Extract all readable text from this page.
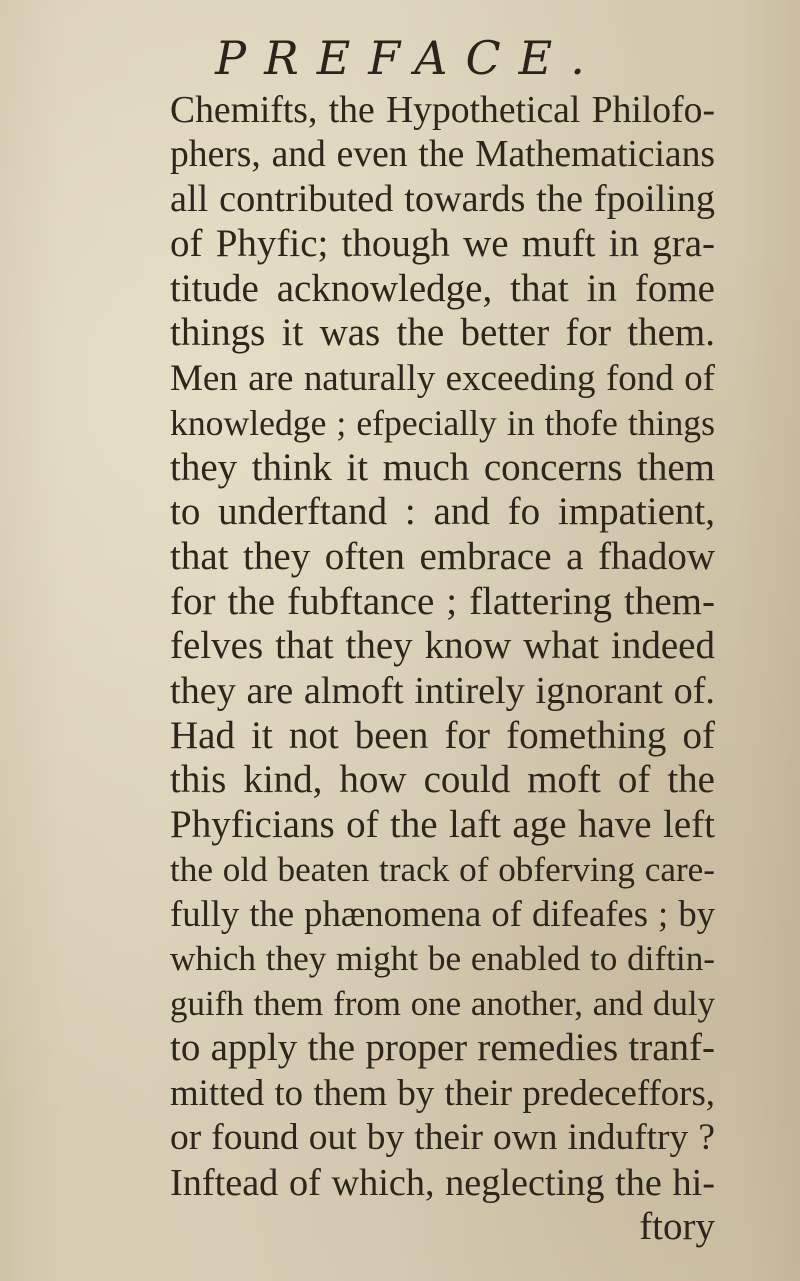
PREFACE.
Chemifts, the Hypothetical Philofo-
phers, and even the Mathematicians
all contributed towards the fpoiling
of Phyfic; though we muft in gra-
titude acknowledge, that in fome
things it was the better for them.
Men are naturally exceeding fond of
knowledge ; efpecially in thofe things
they think it much concerns them
to underftand : and fo impatient,
that they often embrace a fhadow
for the fubftance ; flattering them-
felves that they know what indeed
they are almoft intirely ignorant of.
Had it not been for fomething of
this kind, how could moft of the
Phyficians of the laft age have left
the old beaten track of obferving care-
fully the phænomena of difeafes ; by
which they might be enabled to diftin-
guifh them from one another, and duly
to apply the proper remedies tranf-
mitted to them by their predeceffors,
or found out by their own induftry ?
Inftead of which, neglecting the hi-
ftory
